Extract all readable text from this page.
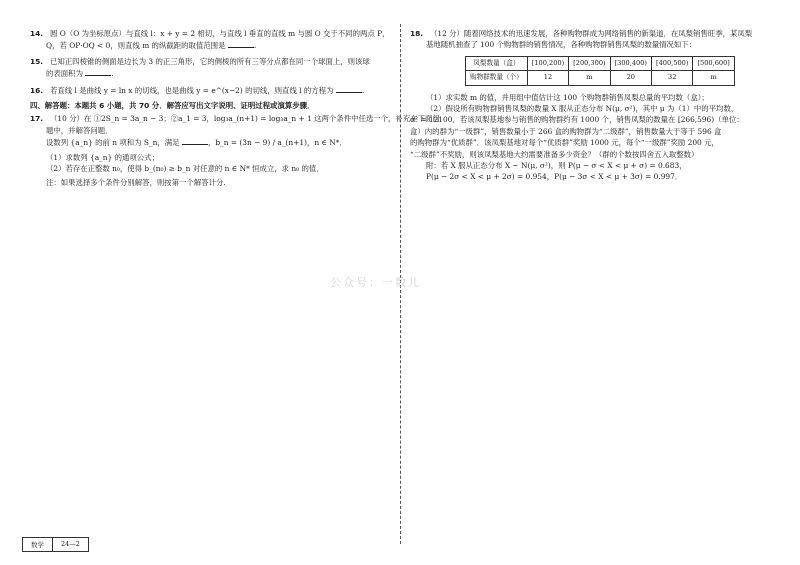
14. 圆 O（O 为坐标原点）与直线 l：x + y = 2 相切，与直线 l 垂直的直线 m 与圆 O 交于不同的两点 P，
Q，若 OP·OQ < 0，则直线 m 的纵截距的取值范围是	.
15. 已知正四棱锥的侧面是边长为 3 的正三角形，它的侧棱的所有三等分点都在同一个球面上，则该球
的表面积为	.
16. 若直线 l 是曲线 y = ln x 的切线，也是曲线 y = e^(x−2) 的切线，则直线 l 的方程为	.
四、解答题：本题共 6 小题，共 70 分．解答应写出文字说明、证明过程或演算步骤．
17. （10 分）在 ①2S_n = 3a_n − 3；②a_1 = 3，log₃a_(n+1) = log₃a_n + 1 这两个条件中任选一个，补充在下面问
题中，并解答问题．
设数列 {a_n} 的前 n 项和为 S_n，满足	，b_n = (3n − 9) / a_(n+1)，n ∈ N*．
（1）求数列 {a_n} 的通项公式；
（2）若存在正整数 n₀，使得 b_(n₀) ≥ b_n 对任意的 n ∈ N* 恒成立，求 n₀ 的值．
注：如果选择多个条件分别解答，则按第一个解答计分.
18. （12 分）随着网络技术的迅速发展，各种购物群成为网络销售的新渠道．在凤梨销售旺季，某凤梨
基地随机抽查了 100 个购物群的销售情况，各种购物群销售凤梨的数量情况如下：
凤梨数量（盒）	[100,200)	[200,300)	[300,400)	[400,500)	[500,600]
购物群数量（个）	12	m	20	32	m
（1）求实数 m 的值，并用组中值估计这 100 个购物群销售凤梨总量的平均数（盒）；
（2）假设所有购物群销售凤梨的数量 X 服从正态分布 N(μ, σ²)，其中 μ 为（1）中的平均数，
σ² = 12100．若该凤梨基地参与销售的购物群约有 1000 个，销售凤梨的数量在 [266,596)（单位：
盒）内的群为“一级群”，销售数量小于 266 盒的购物群为“二级群”，销售数量大于等于 596 盒
的购物群为“优质群”．该凤梨基地对每个“优质群”奖励 1000 元，每个“一级群”奖励 200 元，
“二级群”不奖励，则该凤梨基地大约需要准备多少资金？（群的个数按四舍五入取整数）
附：若 X 服从正态分布 X ~ N(μ, σ²)，则 P(μ − σ < X < μ + σ) = 0.683，
P(μ − 2σ < X < μ + 2σ) = 0.954，P(μ − 3σ < X < μ + 3σ) = 0.997．
公众号：一数儿
数学	24—2
